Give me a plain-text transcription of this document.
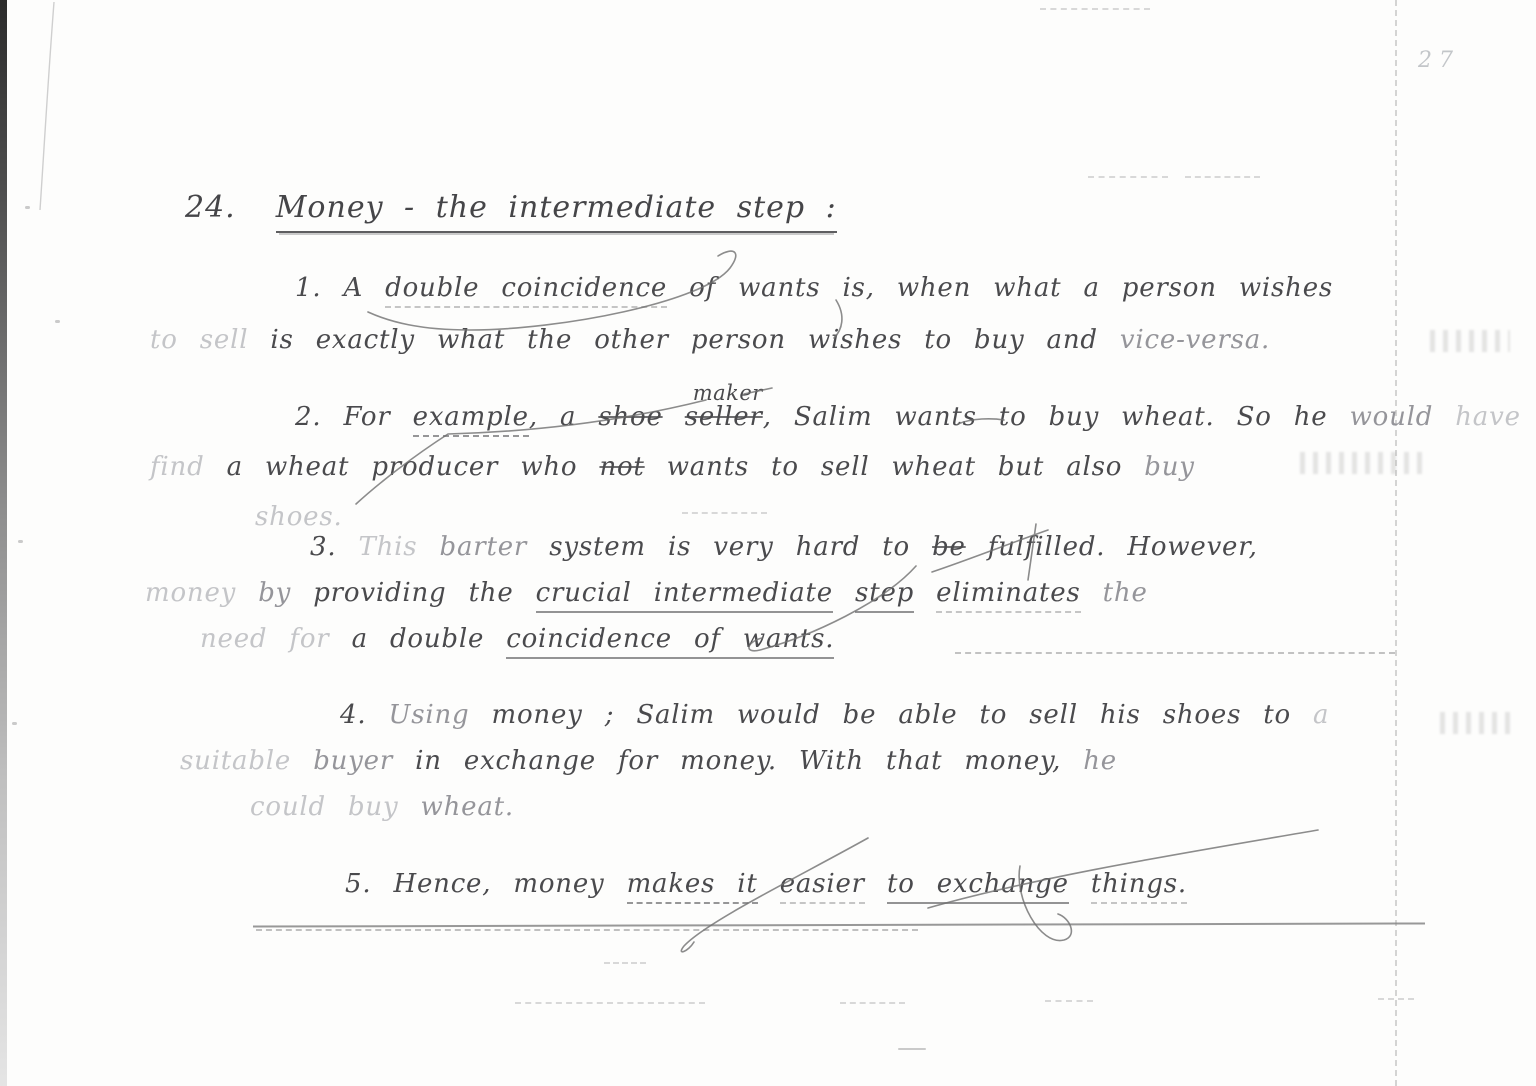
27
24. Money - the intermediate step :
1. A double coincidence of wants is, when what a person wishes
to sell is exactly what the other person wishes to buy and vice-versa.
2. For example, a shoe seller
maker
, Salim wants to buy wheat. So he would have
find a wheat producer who not wants to sell wheat but also buy
shoes.
3. This barter system is very hard to be fulfilled. However,
money by providing the crucial intermediate step eliminates the
need for a double coincidence of wants.
4. Using money ; Salim would be able to sell his shoes to a
suitable buyer in exchange for money. With that money, he
could buy wheat.
5. Hence, money makes it easier to exchange things.
